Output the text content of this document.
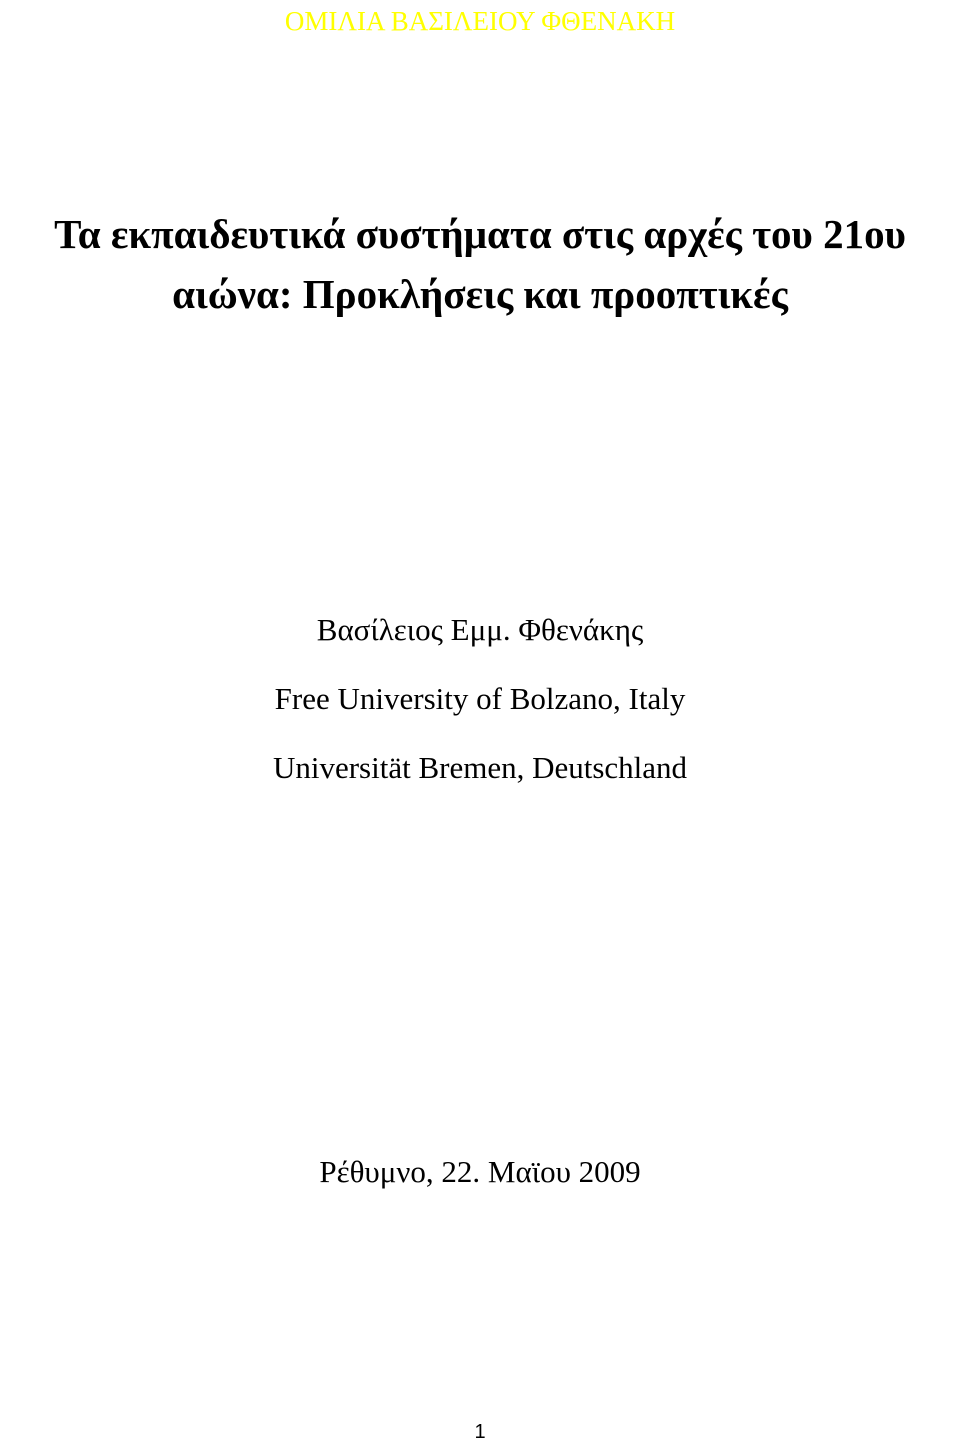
ΟΜΙΛΙΑ ΒΑΣΙΛΕΙΟΥ ΦΘΕΝΑΚΗ
Τα εκπαιδευτικά συστήματα στις αρχές του 21ου
αιώνα: Προκλήσεις και προοπτικές
Βασίλειος Εμμ. Φθενάκης
Free University of Bolzano, Italy
Universität Bremen, Deutschland
Ρέθυμνο, 22. Μαϊου 2009
1
